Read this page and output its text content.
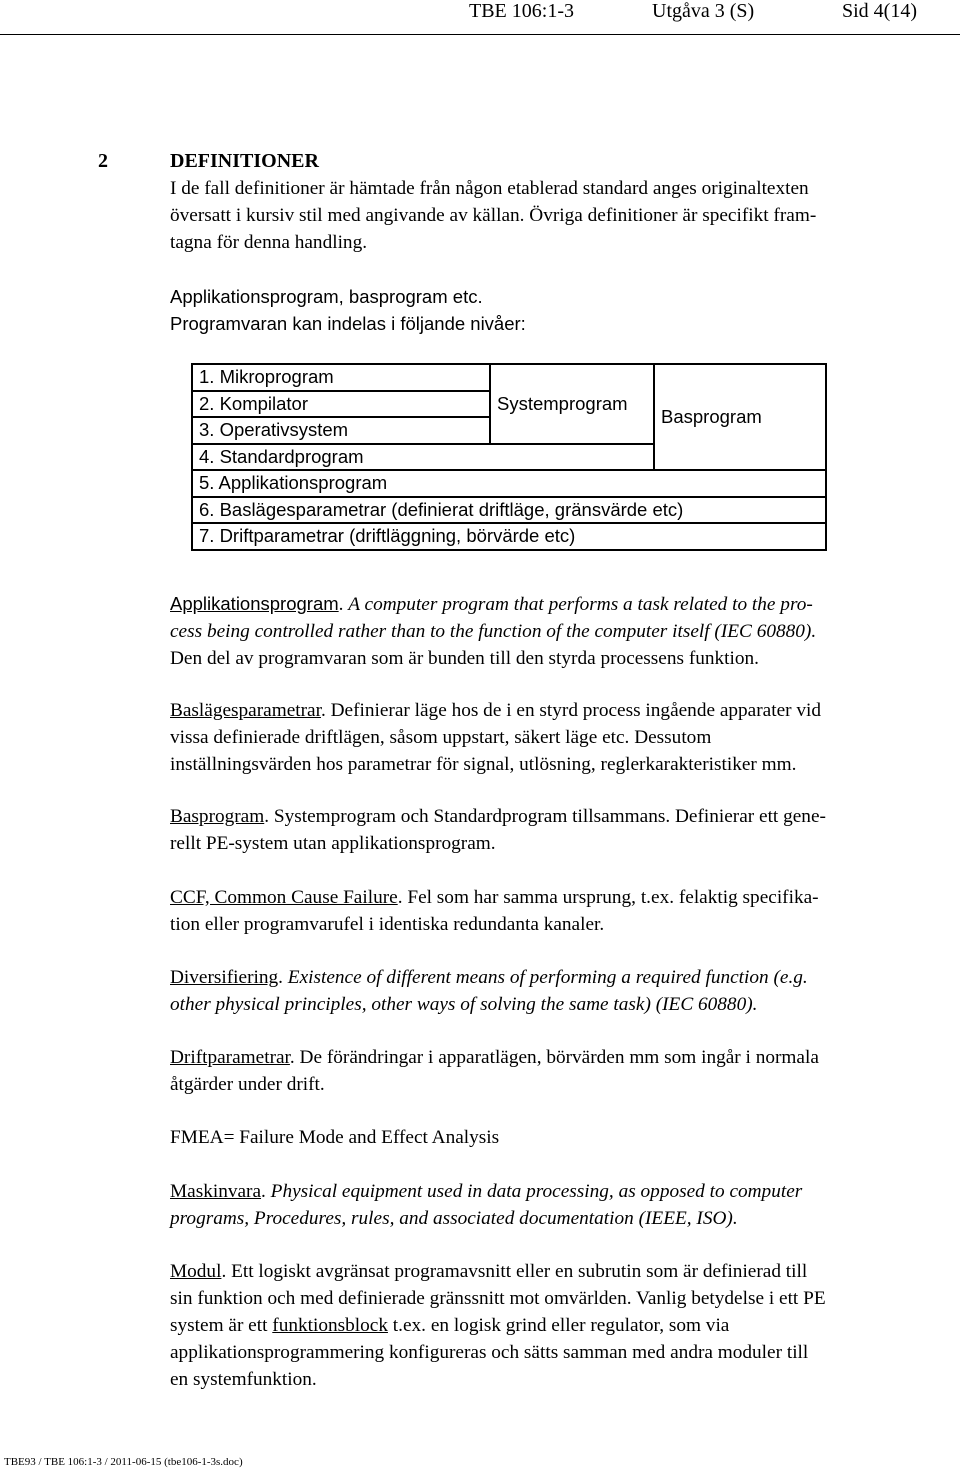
TBE 106:1-3	Utgåva 3 (S)	Sid 4(14)
2	DEFINITIONER
I de fall definitioner är hämtade från någon etablerad standard anges originaltexten
översatt i kursiv stil med angivande av källan. Övriga definitioner är specifikt fram-
tagna för denna handling.
Applikationsprogram, basprogram etc.
Programvaran kan indelas i följande nivåer:
1. Mikroprogram	Systemprogram	Basprogram
2. Kompilator
3. Operativsystem
4. Standardprogram
5. Applikationsprogram
6. Baslägesparametrar (definierat driftläge, gränsvärde etc)
7. Driftparametrar (driftläggning, börvärde etc)
Applikationsprogram. A computer program that performs a task related to the pro-
cess being controlled rather than to the function of the computer itself (IEC 60880).
Den del av programvaran som är bunden till den styrda processens funktion.
Baslägesparametrar. Definierar läge hos de i en styrd process ingående apparater vid
vissa definierade driftlägen, såsom uppstart, säkert läge etc. Dessutom
inställningsvärden hos parametrar för signal, utlösning, reglerkarakteristiker mm.
Basprogram. Systemprogram och Standardprogram tillsammans. Definierar ett gene-
rellt PE-system utan applikationsprogram.
CCF, Common Cause Failure. Fel som har samma ursprung, t.ex. felaktig specifika-
tion eller programvarufel i identiska redundanta kanaler.
Diversifiering. Existence of different means of performing a required function (e.g.
other physical principles, other ways of solving the same task) (IEC 60880).
Driftparametrar. De förändringar i apparatlägen, börvärden mm som ingår i normala
åtgärder under drift.
FMEA= Failure Mode and Effect Analysis
Maskinvara. Physical equipment used in data processing, as opposed to computer
programs, Procedures, rules, and associated documentation (IEEE, ISO).
Modul. Ett logiskt avgränsat programavsnitt eller en subrutin som är definierad till
sin funktion och med definierade gränssnitt mot omvärlden. Vanlig betydelse i ett PE
system är ett funktionsblock t.ex. en logisk grind eller regulator, som via
applikationsprogrammering konfigureras och sätts samman med andra moduler till
en systemfunktion.
TBE93 / TBE 106:1-3 / 2011-06-15 (tbe106-1-3s.doc)
